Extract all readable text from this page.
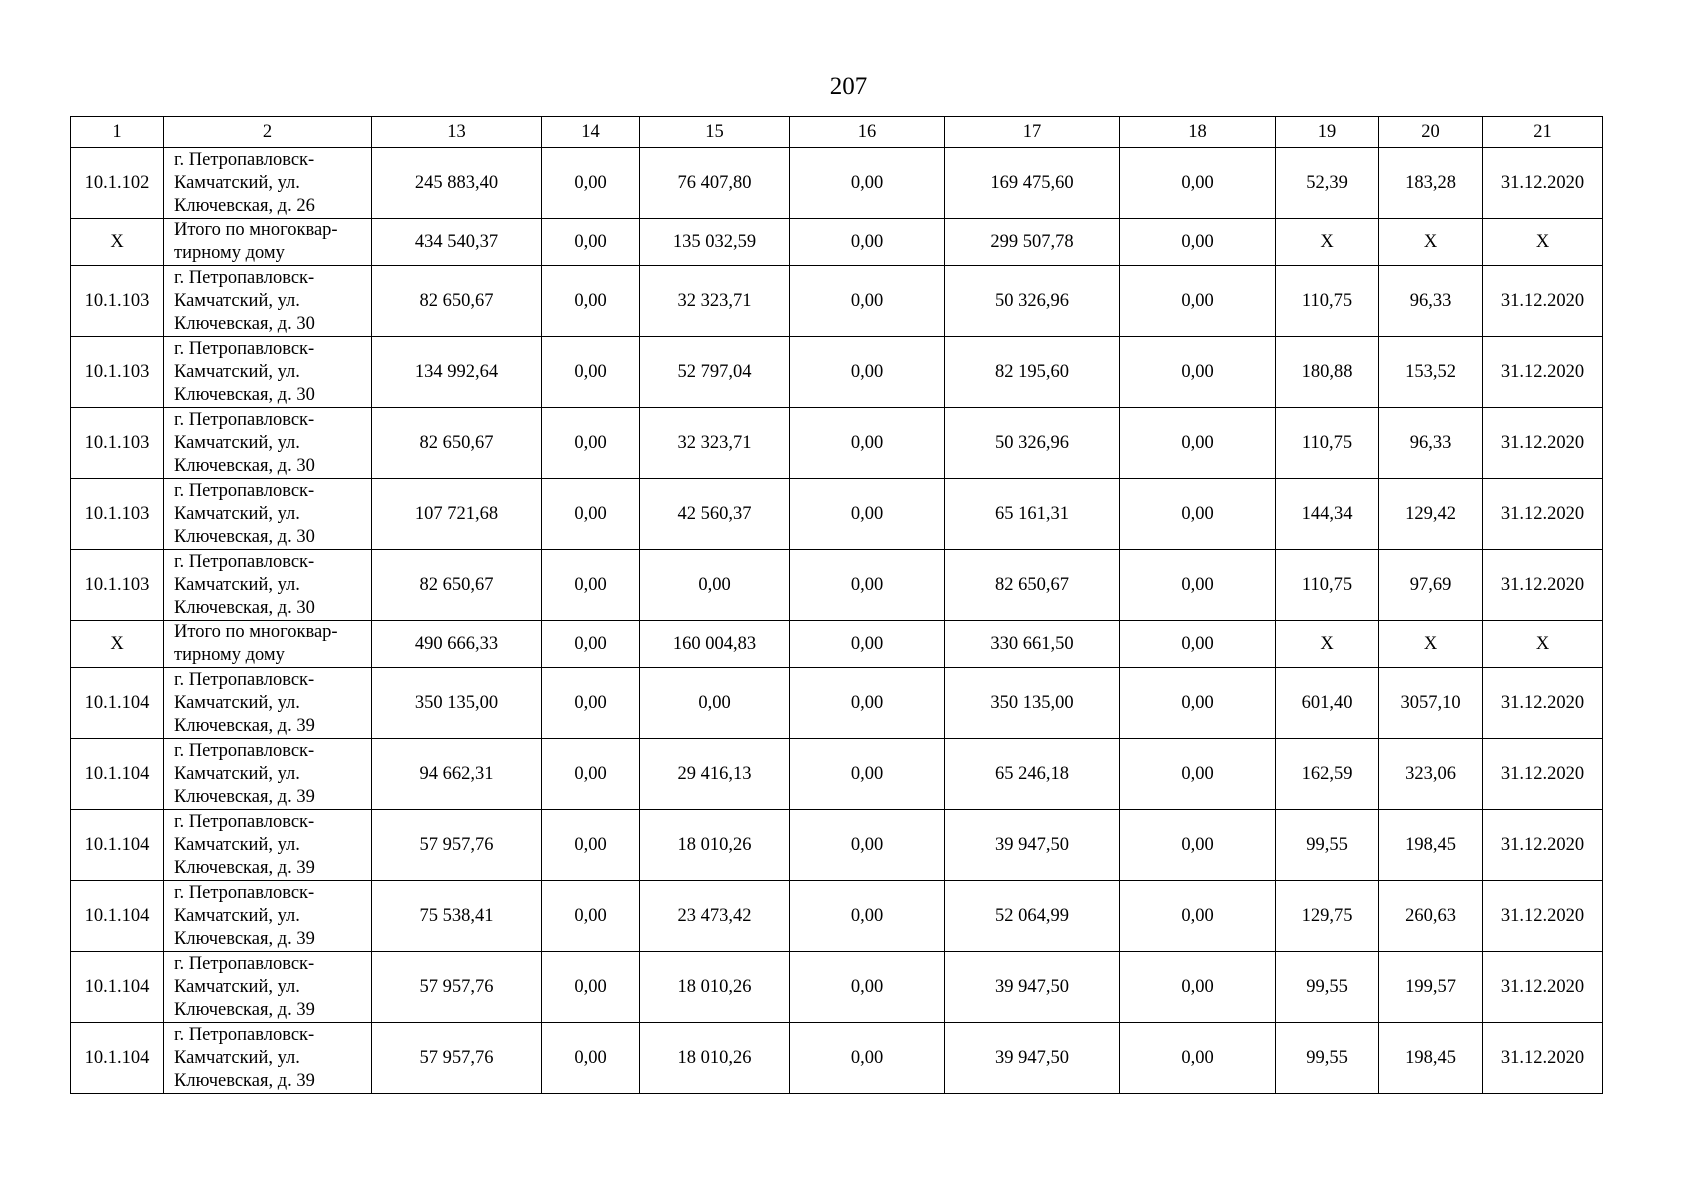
207
1	2	13	14	15	16	17	18	19	20	21
10.1.102	г. Петропавловск-
Камчатский, ул.
Ключевская, д. 26	245 883,40	0,00	76 407,80	0,00	169 475,60	0,00	52,39	183,28	31.12.2020
X	Итого по многоквар-
тирному дому	434 540,37	0,00	135 032,59	0,00	299 507,78	0,00	X	X	X
10.1.103	г. Петропавловск-
Камчатский, ул.
Ключевская, д. 30	82 650,67	0,00	32 323,71	0,00	50 326,96	0,00	110,75	96,33	31.12.2020
10.1.103	г. Петропавловск-
Камчатский, ул.
Ключевская, д. 30	134 992,64	0,00	52 797,04	0,00	82 195,60	0,00	180,88	153,52	31.12.2020
10.1.103	г. Петропавловск-
Камчатский, ул.
Ключевская, д. 30	82 650,67	0,00	32 323,71	0,00	50 326,96	0,00	110,75	96,33	31.12.2020
10.1.103	г. Петропавловск-
Камчатский, ул.
Ключевская, д. 30	107 721,68	0,00	42 560,37	0,00	65 161,31	0,00	144,34	129,42	31.12.2020
10.1.103	г. Петропавловск-
Камчатский, ул.
Ключевская, д. 30	82 650,67	0,00	0,00	0,00	82 650,67	0,00	110,75	97,69	31.12.2020
X	Итого по многоквар-
тирному дому	490 666,33	0,00	160 004,83	0,00	330 661,50	0,00	X	X	X
10.1.104	г. Петропавловск-
Камчатский, ул.
Ключевская, д. 39	350 135,00	0,00	0,00	0,00	350 135,00	0,00	601,40	3057,10	31.12.2020
10.1.104	г. Петропавловск-
Камчатский, ул.
Ключевская, д. 39	94 662,31	0,00	29 416,13	0,00	65 246,18	0,00	162,59	323,06	31.12.2020
10.1.104	г. Петропавловск-
Камчатский, ул.
Ключевская, д. 39	57 957,76	0,00	18 010,26	0,00	39 947,50	0,00	99,55	198,45	31.12.2020
10.1.104	г. Петропавловск-
Камчатский, ул.
Ключевская, д. 39	75 538,41	0,00	23 473,42	0,00	52 064,99	0,00	129,75	260,63	31.12.2020
10.1.104	г. Петропавловск-
Камчатский, ул.
Ключевская, д. 39	57 957,76	0,00	18 010,26	0,00	39 947,50	0,00	99,55	199,57	31.12.2020
10.1.104	г. Петропавловск-
Камчатский, ул.
Ключевская, д. 39	57 957,76	0,00	18 010,26	0,00	39 947,50	0,00	99,55	198,45	31.12.2020
